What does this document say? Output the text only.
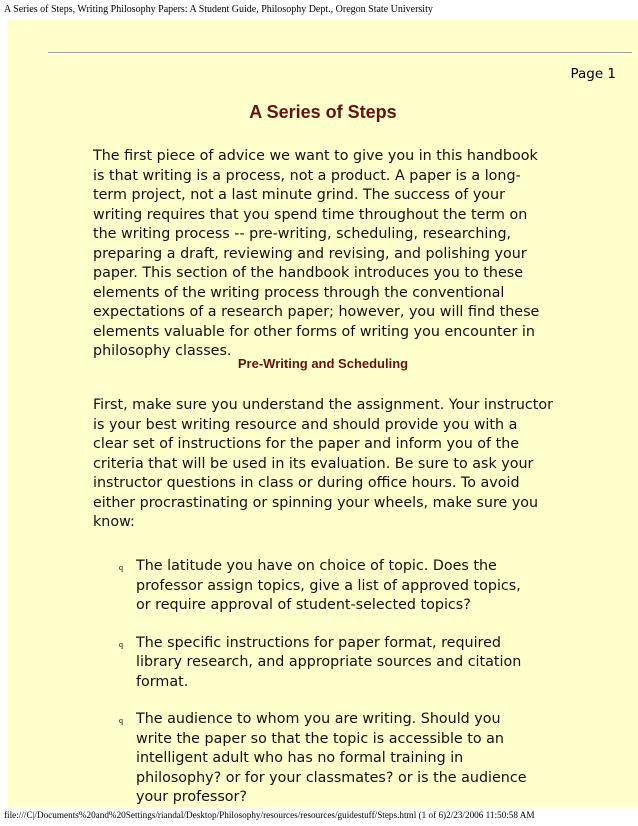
A Series of Steps, Writing Philosophy Papers: A Student Guide, Philosophy Dept., Oregon State University
Page 1
A Series of Steps

The first piece of advice we want to give you in this handbook is that writing is a process, not a product. A paper is a long-term project, not a last minute grind. The success of your writing requires that you spend time throughout the term on the writing process -- pre-writing, scheduling, researching, preparing a draft, reviewing and revising, and polishing your paper. This section of the handbook introduces you to these elements of the writing process through the conventional expectations of a research paper; however, you will find these elements valuable for other forms of writing you encounter in philosophy classes.

Pre-Writing and Scheduling

First, make sure you understand the assignment. Your instructor is your best writing resource and should provide you with a clear set of instructions for the paper and inform you of the criteria that will be used in its evaluation. Be sure to ask your instructor questions in class or during office hours. To avoid either procrastinating or spinning your wheels, make sure you know:

q The latitude you have on choice of topic. Does the professor assign topics, give a list of approved topics, or require approval of student-selected topics?
q The specific instructions for paper format, required library research, and appropriate sources and citation format.
q The audience to whom you are writing. Should you write the paper so that the topic is accessible to an intelligent adult who has no formal training in philosophy? or for your classmates? or is the audience your professor?
file:///C|/Documents%20and%20Settings/riandal/Desktop/Philosophy/resources/resources/guidestuff/Steps.html (1 of 6)2/23/2006 11:50:58 AM
